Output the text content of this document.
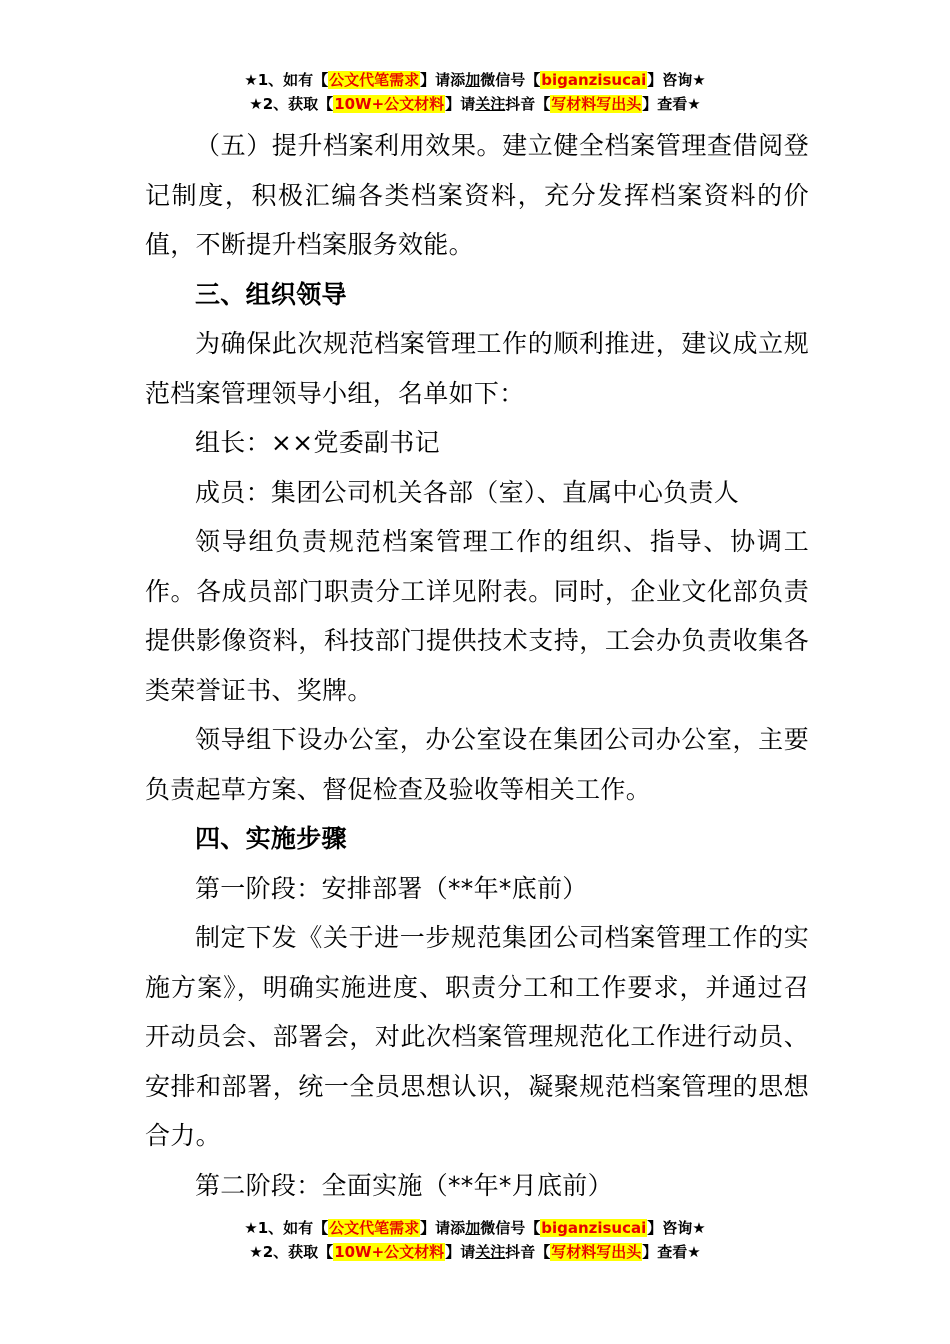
★1、如有【公文代笔需求】请添加微信号【biganzisucai】咨询★
★2、获取【10W+公文材料】请关注抖音【写材料写出头】查看★

（五）提升档案利用效果。建立健全档案管理查借阅登记制度，积极汇编各类档案资料，充分发挥档案资料的价值，不断提升档案服务效能。

三、组织领导

为确保此次规范档案管理工作的顺利推进，建议成立规范档案管理领导小组，名单如下：

组长：××党委副书记

成员：集团公司机关各部（室）、直属中心负责人

领导组负责规范档案管理工作的组织、指导、协调工作。各成员部门职责分工详见附表。同时，企业文化部负责提供影像资料，科技部门提供技术支持，工会办负责收集各类荣誉证书、奖牌。

领导组下设办公室，办公室设在集团公司办公室，主要负责起草方案、督促检查及验收等相关工作。

四、实施步骤

第一阶段：安排部署（**年*底前）

制定下发《关于进一步规范集团公司档案管理工作的实施方案》，明确实施进度、职责分工和工作要求，并通过召开动员会、部署会，对此次档案管理规范化工作进行动员、安排和部署，统一全员思想认识，凝聚规范档案管理的思想合力。

第二阶段：全面实施（**年*月底前）

★1、如有【公文代笔需求】请添加微信号【biganzisucai】咨询★
★2、获取【10W+公文材料】请关注抖音【写材料写出头】查看★
